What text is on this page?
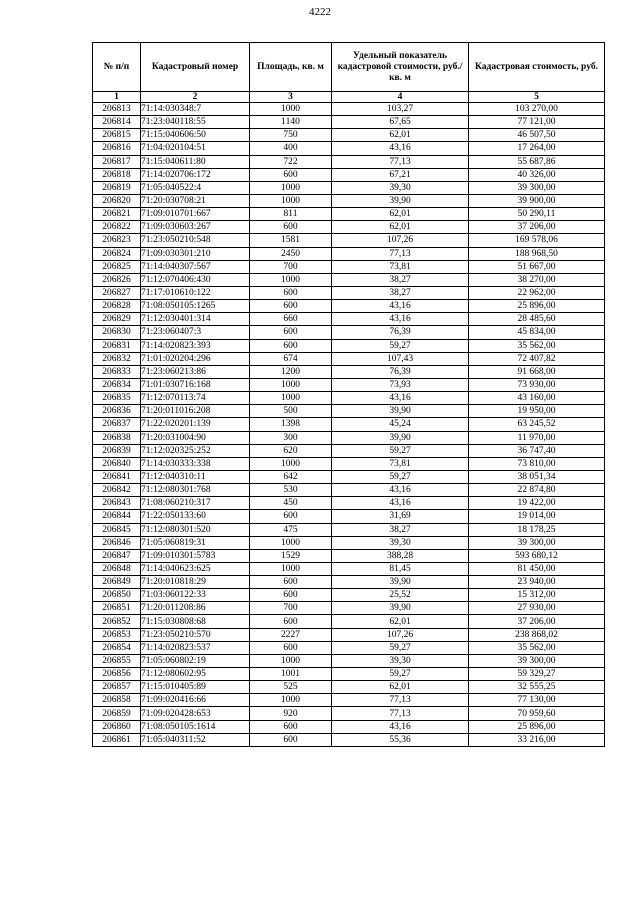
4222
№ п/п	Кадастровый номер	Площадь, кв. м	Удельный показатель кадастровой стоимости, руб./кв. м	Кадастровая стоимость, руб.
1	2	3	4	5
206813	71:14:030348:7	1000	103,27	103 270,00
206814	71:23:040118:55	1140	67,65	77 121,00
206815	71:15:040606:50	750	62,01	46 507,50
206816	71:04:020104:51	400	43,16	17 264,00
206817	71:15:040611:80	722	77,13	55 687,86
206818	71:14:020706:172	600	67,21	40 326,00
206819	71:05:040522:4	1000	39,30	39 300,00
206820	71:20:030708:21	1000	39,90	39 900,00
206821	71:09:010701:667	811	62,01	50 290,11
206822	71:09:030603:267	600	62,01	37 206,00
206823	71:23:050210:548	1581	107,26	169 578,06
206824	71:09:030301:210	2450	77,13	188 968,50
206825	71:14:040307:567	700	73,81	51 667,00
206826	71:12:070406:430	1000	38,27	38 270,00
206827	71:17:010610:122	600	38,27	22 962,00
206828	71:08:050105:1265	600	43,16	25 896,00
206829	71:12:030401:314	660	43,16	28 485,60
206830	71:23:060407:3	600	76,39	45 834,00
206831	71:14:020823:393	600	59,27	35 562,00
206832	71:01:020204:296	674	107,43	72 407,82
206833	71:23:060213:86	1200	76,39	91 668,00
206834	71:01:030716:168	1000	73,93	73 930,00
206835	71:12:070113:74	1000	43,16	43 160,00
206836	71:20:011016:208	500	39,90	19 950,00
206837	71:22:020201:139	1398	45,24	63 245,52
206838	71:20:031004:90	300	39,90	11 970,00
206839	71:12:020325:252	620	59,27	36 747,40
206840	71:14:030333:338	1000	73,81	73 810,00
206841	71:12:040310:11	642	59,27	38 051,34
206842	71:12:080301:768	530	43,16	22 874,80
206843	71:08:060210:317	450	43,16	19 422,00
206844	71:22:050133:60	600	31,69	19 014,00
206845	71:12:080301:520	475	38,27	18 178,25
206846	71:05:060819:31	1000	39,30	39 300,00
206847	71:09:010301:5783	1529	388,28	593 680,12
206848	71:14:040623:625	1000	81,45	81 450,00
206849	71:20:010818:29	600	39,90	23 940,00
206850	71:03:060122:33	600	25,52	15 312,00
206851	71:20:011208:86	700	39,90	27 930,00
206852	71:15:030808:68	600	62,01	37 206,00
206853	71:23:050210:570	2227	107,26	238 868,02
206854	71:14:020823:537	600	59,27	35 562,00
206855	71:05:060802:19	1000	39,30	39 300,00
206856	71:12:080602:95	1001	59,27	59 329,27
206857	71:15:010405:89	525	62,01	32 555,25
206858	71:09:020416:66	1000	77,13	77 130,00
206859	71:09:020428:653	920	77,13	70 959,60
206860	71:08:050105:1614	600	43,16	25 896,00
206861	71:05:040311:52	600	55,36	33 216,00
